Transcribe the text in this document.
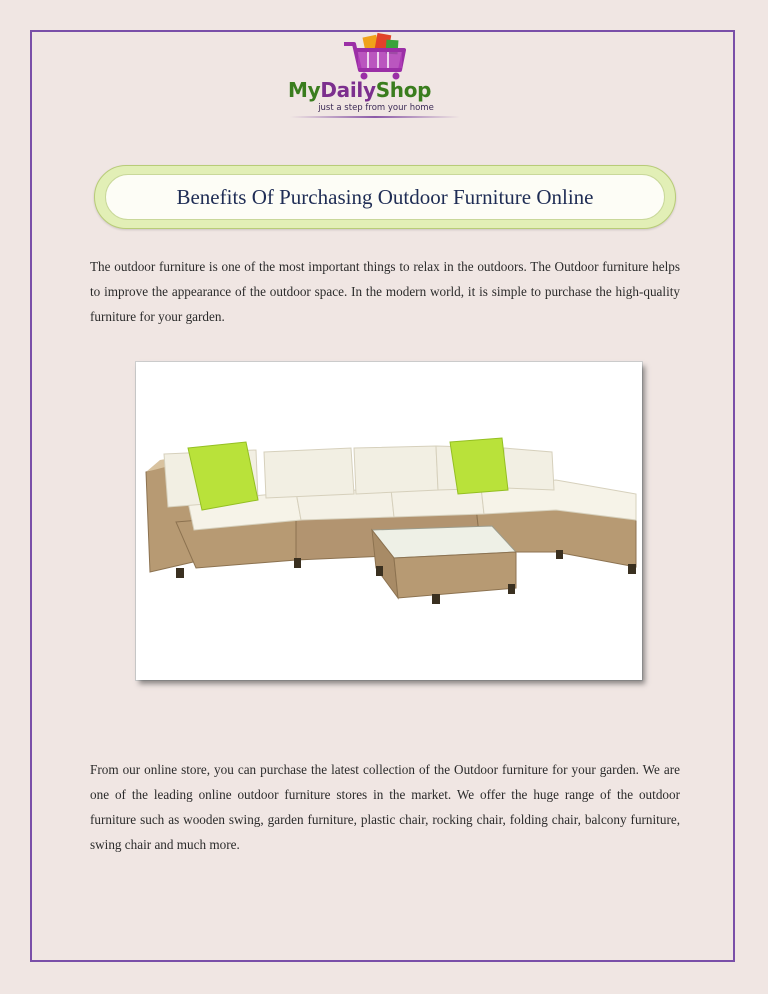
MyDailyShop
just a step from your home
Benefits Of Purchasing Outdoor Furniture Online

The outdoor furniture is one of the most important things to relax in the outdoors. The Outdoor furniture helps to improve the appearance of the outdoor space. In the modern world, it is simple to purchase the high-quality furniture for your garden.

From our online store, you can purchase the latest collection of the Outdoor furniture for your garden. We are one of the leading online outdoor furniture stores in the market. We offer the huge range of the outdoor furniture such as wooden swing, garden furniture, plastic chair, rocking chair, folding chair, balcony furniture, swing chair and much more.
